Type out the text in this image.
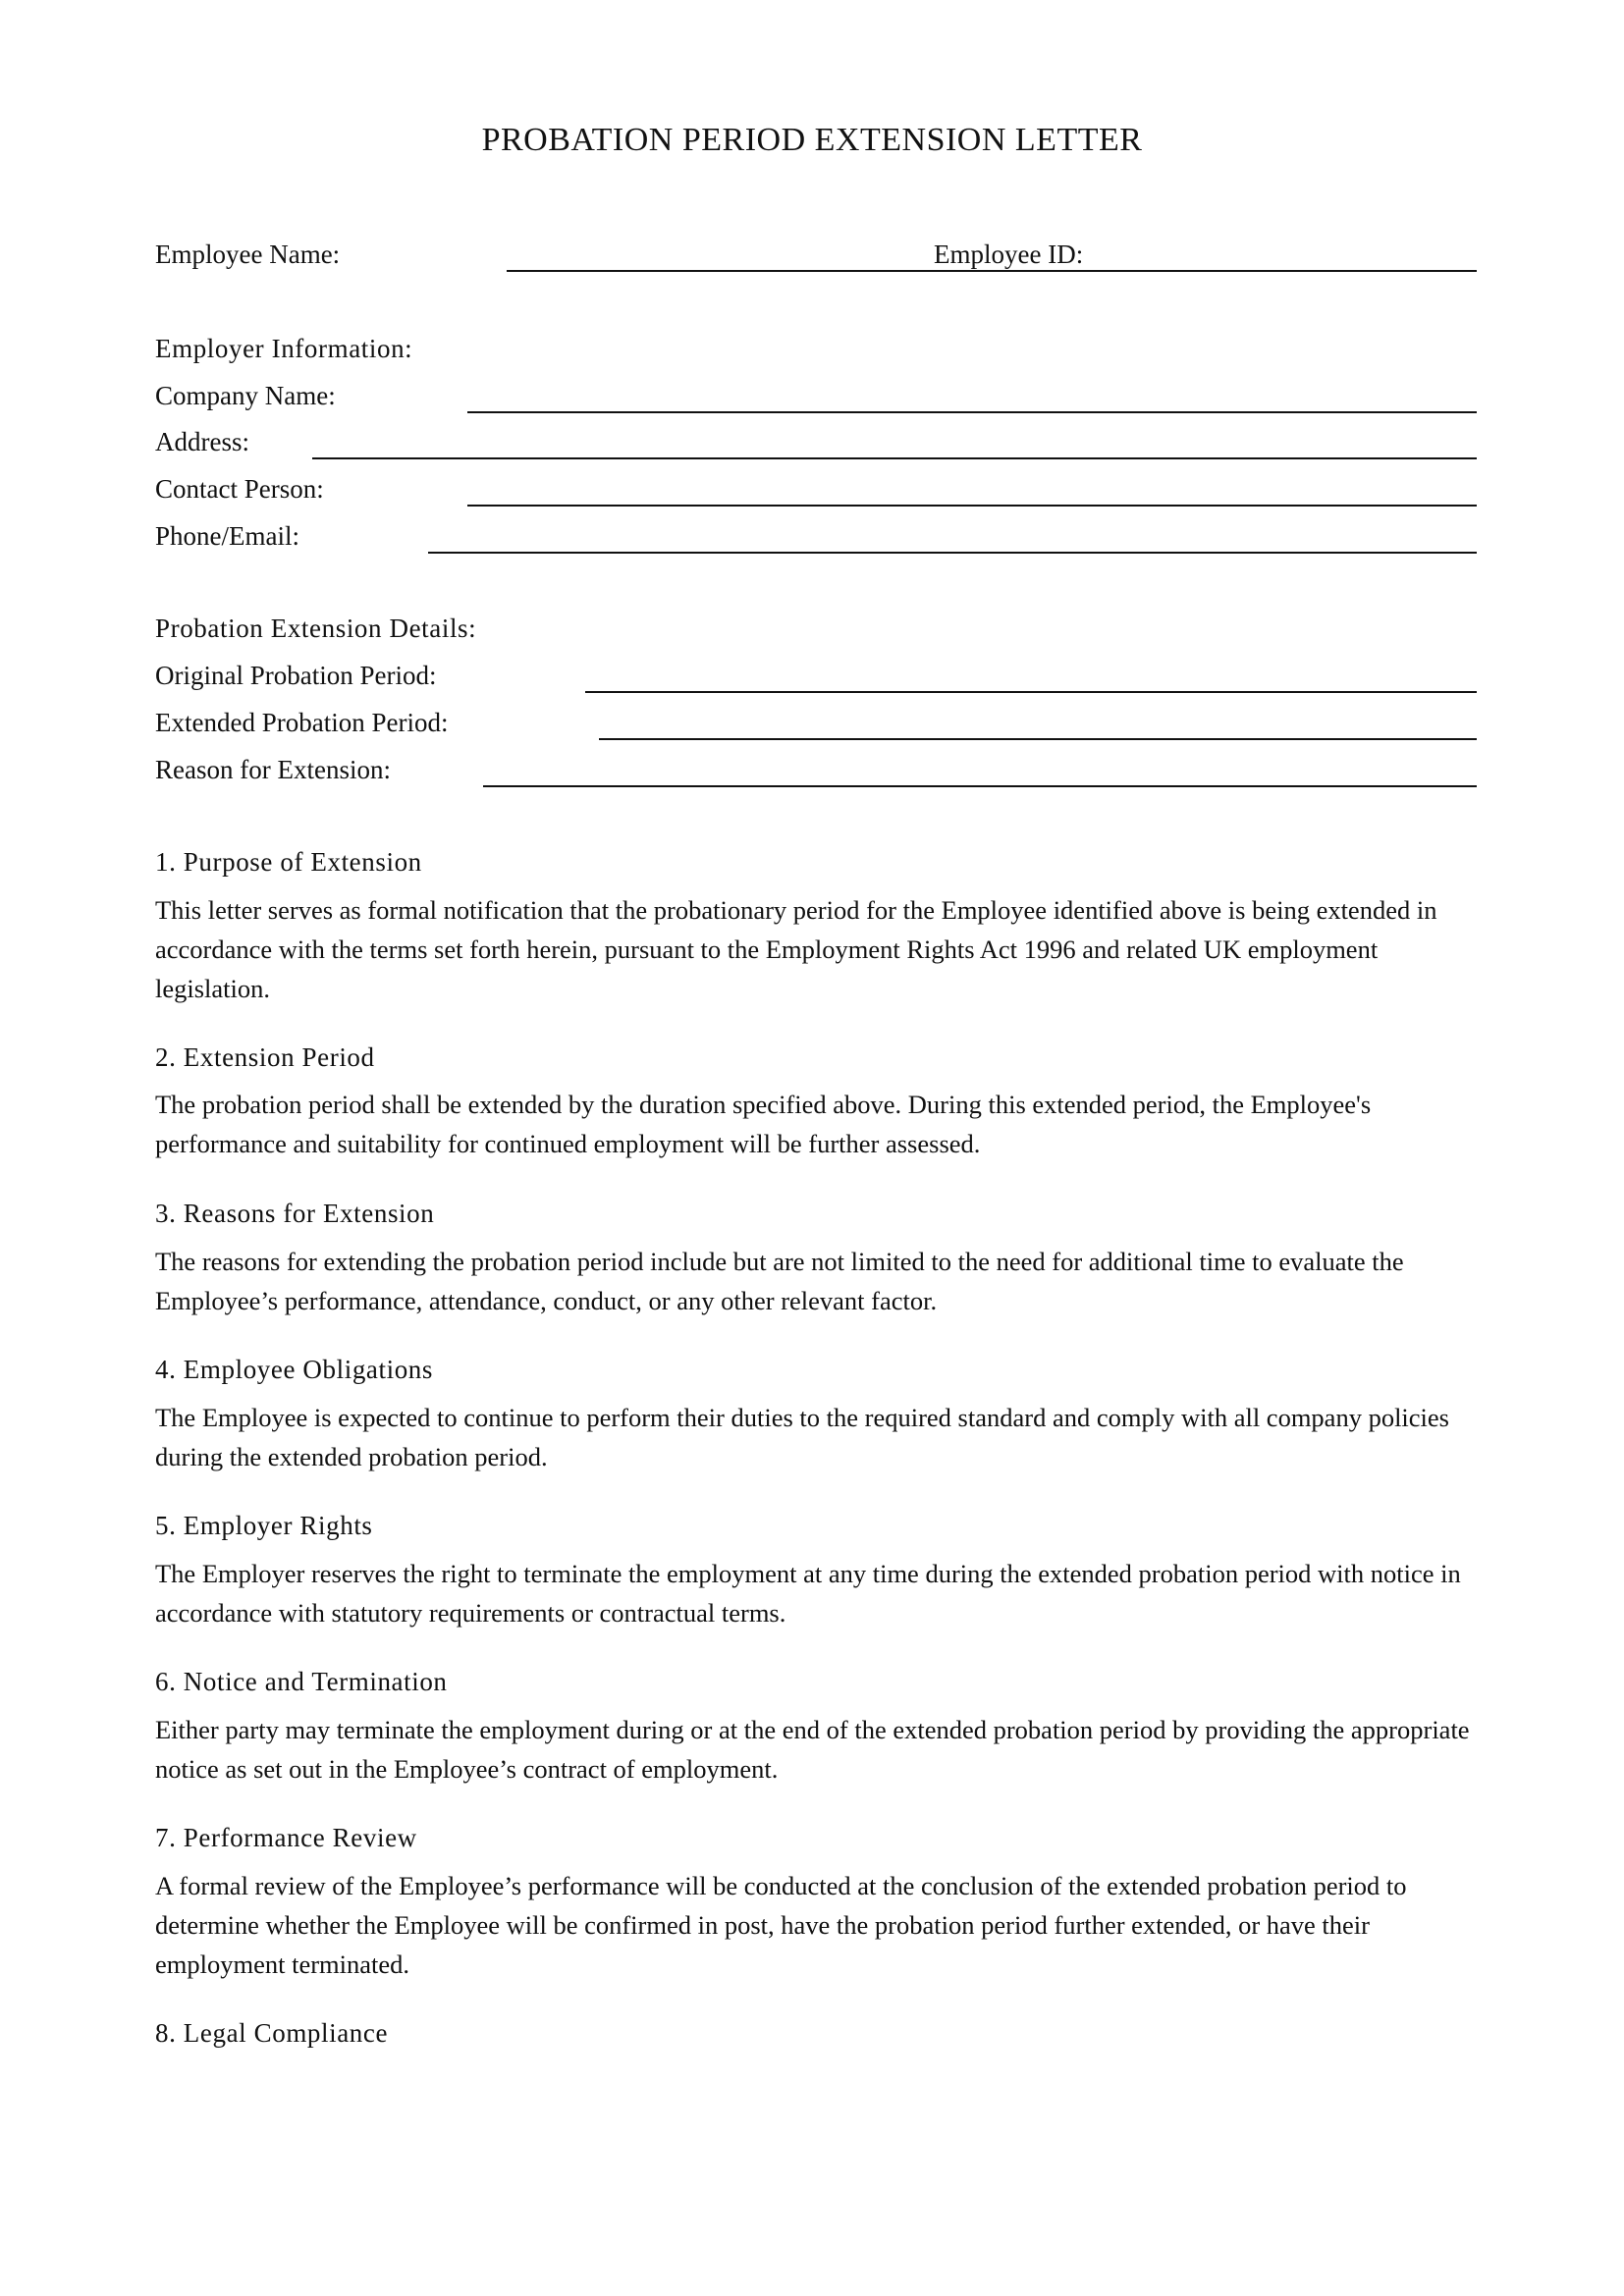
PROBATION PERIOD EXTENSION LETTER
Employee Name:	Employee ID:
Employer Information:
Company Name:
Address:
Contact Person:
Phone/Email:
Probation Extension Details:
Original Probation Period:
Extended Probation Period:
Reason for Extension:
1. Purpose of Extension

This letter serves as formal notification that the probationary period for the Employee identified above is being extended in accordance with the terms set forth herein, pursuant to the Employment Rights Act 1996 and related UK employment legislation.

2. Extension Period

The probation period shall be extended by the duration specified above. During this extended period, the Employee's performance and suitability for continued employment will be further assessed.

3. Reasons for Extension

The reasons for extending the probation period include but are not limited to the need for additional time to evaluate the Employee’s performance, attendance, conduct, or any other relevant factor.

4. Employee Obligations

The Employee is expected to continue to perform their duties to the required standard and comply with all company policies during the extended probation period.

5. Employer Rights

The Employer reserves the right to terminate the employment at any time during the extended probation period with notice in accordance with statutory requirements or contractual terms.

6. Notice and Termination

Either party may terminate the employment during or at the end of the extended probation period by providing the appropriate notice as set out in the Employee’s contract of employment.

7. Performance Review

A formal review of the Employee’s performance will be conducted at the conclusion of the extended probation period to determine whether the Employee will be confirmed in post, have the probation period further extended, or have their employment terminated.

8. Legal Compliance
